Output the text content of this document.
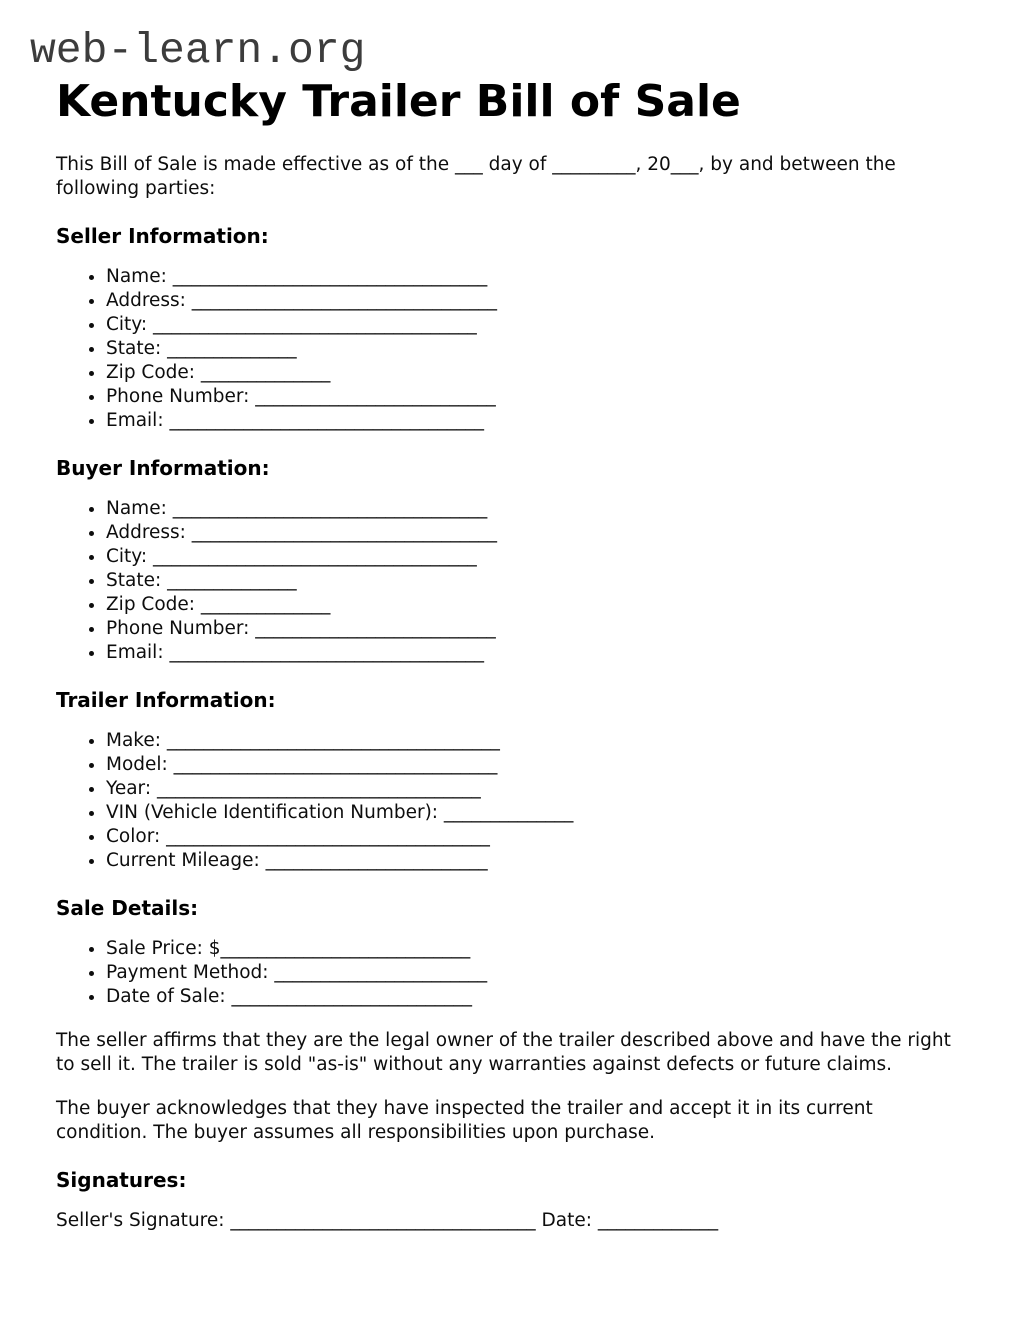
web-learn.org
Kentucky Trailer Bill of Sale

This Bill of Sale is made effective as of the ___ day of _________, 20___, by and between the following parties:

Seller Information:
• Name: __________________________________
• Address: _________________________________
• City: ___________________________________
• State: ______________
• Zip Code: ______________
• Phone Number: __________________________
• Email: __________________________________
Buyer Information:
• Name: __________________________________
• Address: _________________________________
• City: ___________________________________
• State: ______________
• Zip Code: ______________
• Phone Number: __________________________
• Email: __________________________________
Trailer Information:
• Make: ____________________________________
• Model: ___________________________________
• Year: ___________________________________
• VIN (Vehicle Identification Number): ______________
• Color: ___________________________________
• Current Mileage: ________________________
Sale Details:
• Sale Price: $___________________________
• Payment Method: _______________________
• Date of Sale: __________________________

The seller affirms that they are the legal owner of the trailer described above and have the right to sell it. The trailer is sold "as-is" without any warranties against defects or future claims.

The buyer acknowledges that they have inspected the trailer and accept it in its current condition. The buyer assumes all responsibilities upon purchase.

Signatures:

Seller's Signature: _________________________________ Date: _____________
